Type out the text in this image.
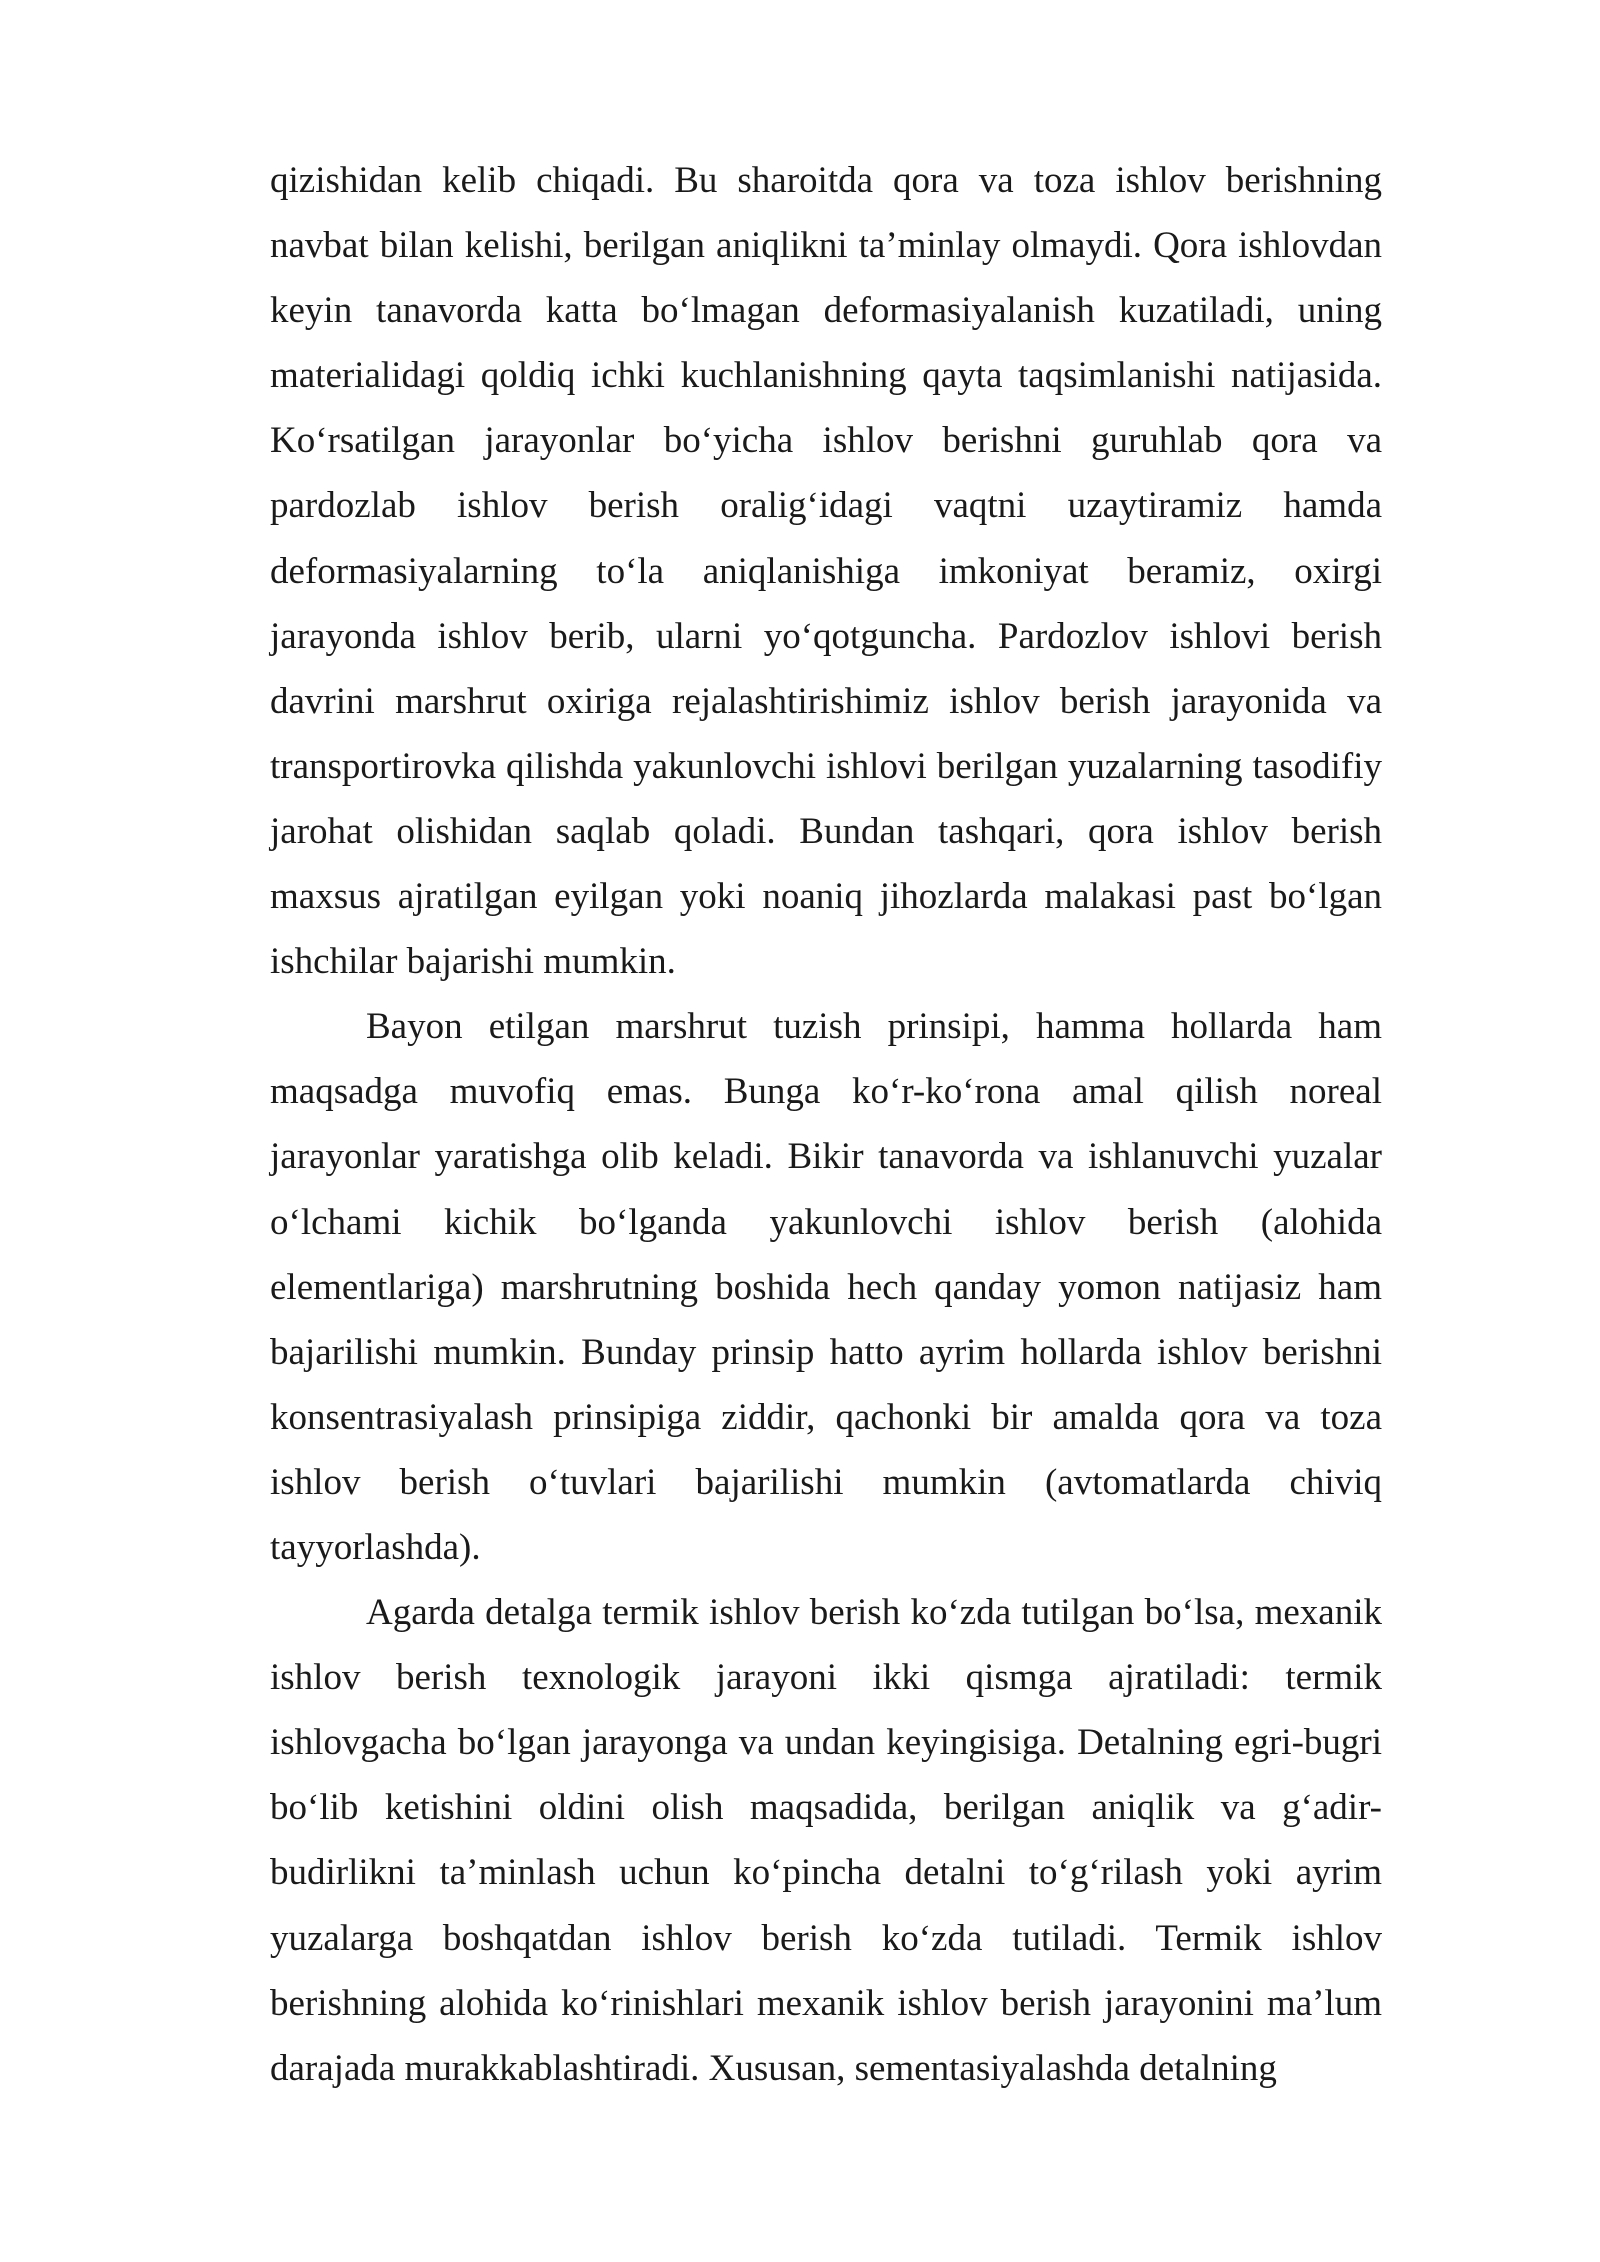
qizishidan kelib chiqadi. Bu sharoitda qora va toza ishlov berishning navbat bilan kelishi, berilgan aniqlikni ta’minlay olmaydi. Qora ishlovdan keyin tanavorda katta bo‘lmagan deformasiyalanish kuzatiladi, uning materialidagi qoldiq ichki kuchlanishning qayta taqsimlanishi natijasida. Ko‘rsatilgan jarayonlar bo‘yicha ishlov berishni guruhlab qora va pardozlab ishlov berish oralig‘idagi vaqtni uzaytiramiz hamda deformasiyalarning to‘la aniqlanishiga imkoniyat beramiz, oxirgi jarayonda ishlov berib, ularni yo‘qotguncha. Pardozlov ishlovi berish davrini marshrut oxiriga rejalashtirishimiz ishlov berish jarayonida va transportirovka qilishda yakunlovchi ishlovi berilgan yuzalarning tasodifiy jarohat olishidan saqlab qoladi. Bundan tashqari, qora ishlov berish maxsus ajratilgan eyilgan yoki noaniq jihozlarda malakasi past bo‘lgan ishchilar bajarishi mumkin.

Bayon etilgan marshrut tuzish prinsipi, hamma hollarda ham maqsadga muvofiq emas. Bunga ko‘r-ko‘rona amal qilish noreal jarayonlar yaratishga olib keladi. Bikir tanavorda va ishlanuvchi yuzalar o‘lchami kichik bo‘lganda yakunlovchi ishlov berish (alohida elementlariga) marshrutning boshida hech qanday yomon natijasiz ham bajarilishi mumkin. Bunday prinsip hatto ayrim hollarda ishlov berishni konsentrasiyalash prinsipiga ziddir, qachonki bir amalda qora va toza ishlov berish o‘tuvlari bajarilishi mumkin (avtomatlarda chiviq tayyorlashda).

Agarda detalga termik ishlov berish ko‘zda tutilgan bo‘lsa, mexanik ishlov berish texnologik jarayoni ikki qismga ajratiladi: termik ishlovgacha bo‘lgan jarayonga va undan keyingisiga. Detalning egri-bugri bo‘lib ketishini oldini olish maqsadida, berilgan aniqlik va g‘adir-budirlikni ta’minlash uchun ko‘pincha detalni to‘g‘rilash yoki ayrim yuzalarga boshqatdan ishlov berish ko‘zda tutiladi. Termik ishlov berishning alohida ko‘rinishlari mexanik ishlov berish jarayonini ma’lum darajada murakkablashtiradi. Xususan, sementasiyalashda detalning
